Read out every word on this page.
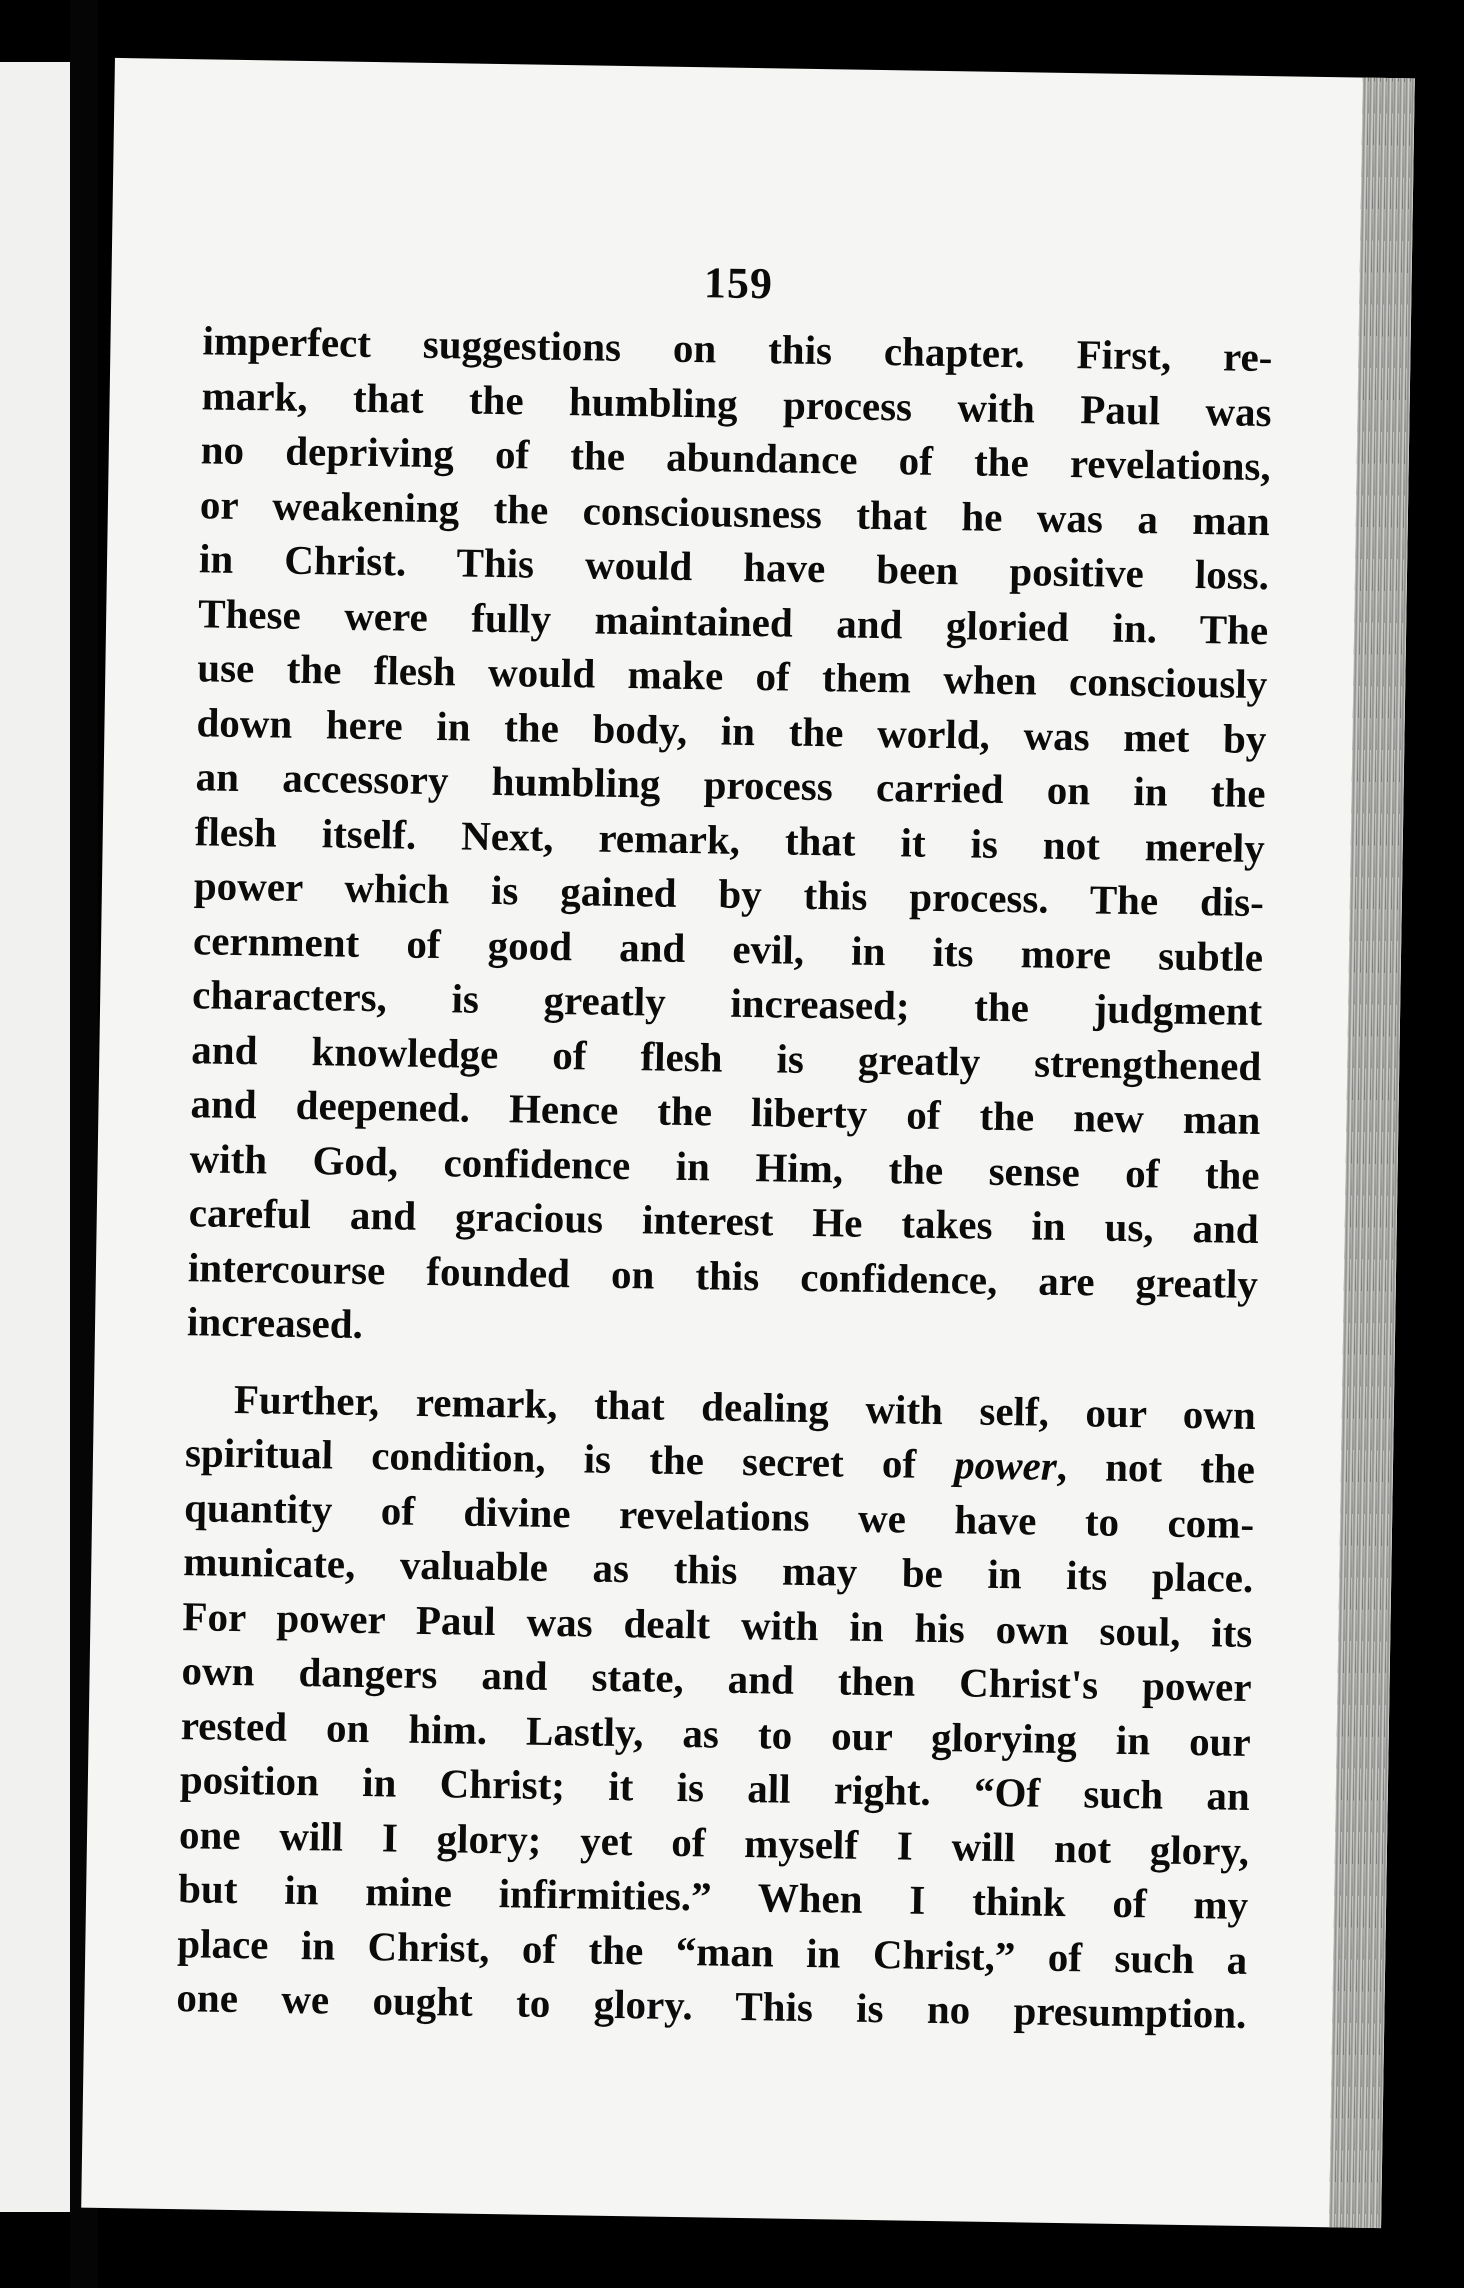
159
imperfect suggestions on this chapter. First, re-
mark, that the humbling process with Paul was
no depriving of the abundance of the revelations,
or weakening the consciousness that he was a man
in Christ. This would have been positive loss.
These were fully maintained and gloried in. The
use the flesh would make of them when consciously
down here in the body, in the world, was met by
an accessory humbling process carried on in the
flesh itself. Next, remark, that it is not merely
power which is gained by this process. The dis-
cernment of good and evil, in its more subtle
characters, is greatly increased; the judgment
and knowledge of flesh is greatly strengthened
and deepened. Hence the liberty of the new man
with God, confidence in Him, the sense of the
careful and gracious interest He takes in us, and
intercourse founded on this confidence, are greatly
increased.
Further, remark, that dealing with self, our own
spiritual condition, is the secret of power, not the
quantity of divine revelations we have to com-
municate, valuable as this may be in its place.
For power Paul was dealt with in his own soul, its
own dangers and state, and then Christ's power
rested on him. Lastly, as to our glorying in our
position in Christ; it is all right. “Of such an
one will I glory; yet of myself I will not glory,
but in mine infirmities.” When I think of my
place in Christ, of the “man in Christ,” of such a
one we ought to glory. This is no presumption.
